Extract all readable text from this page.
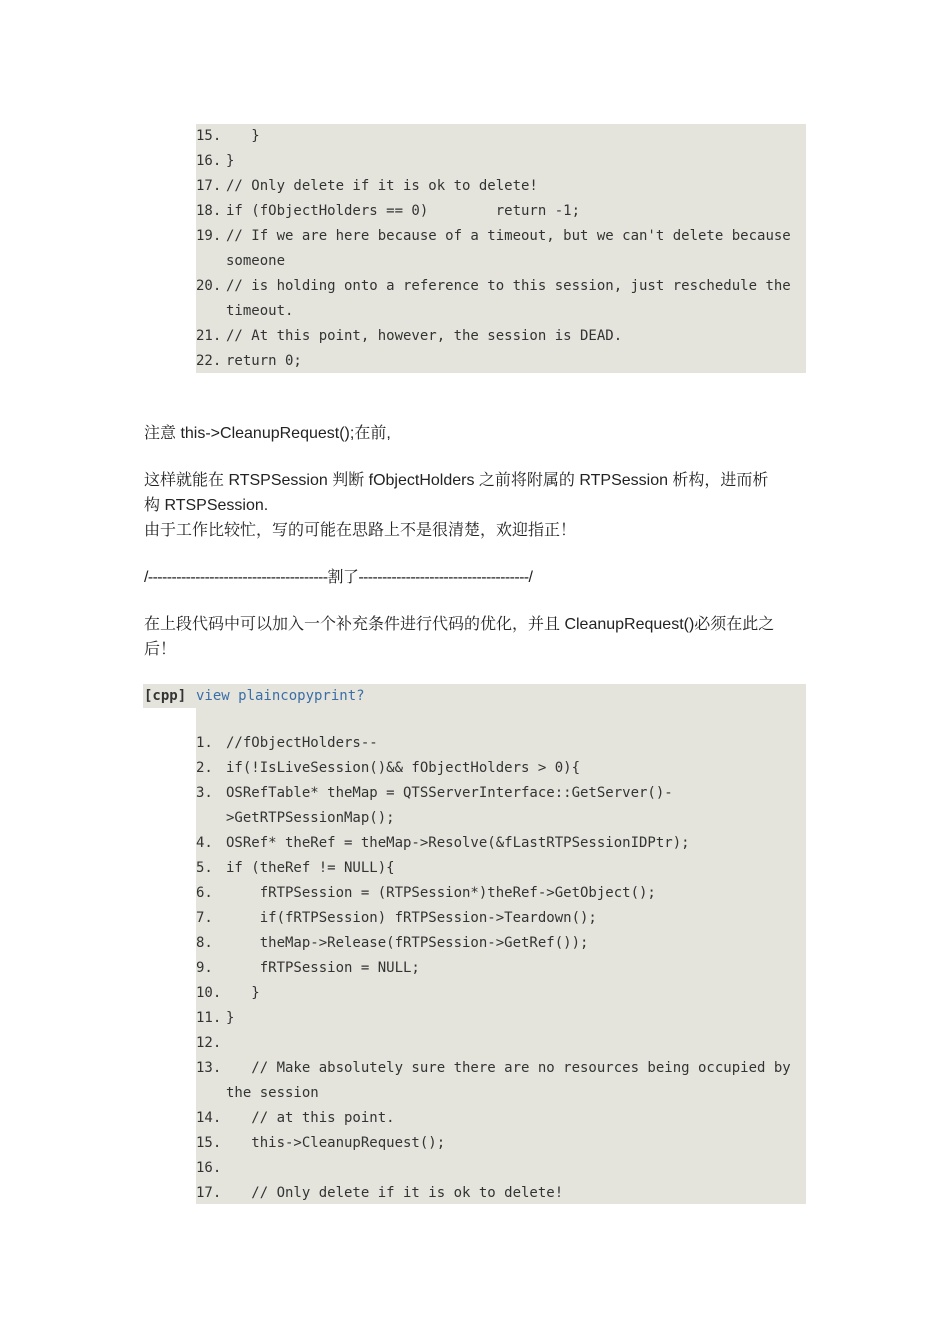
15. }
16. }
17. // Only delete if it is ok to delete!
18. if (fObjectHolders == 0)        return -1;
19. // If we are here because of a timeout, but we can't delete because
someone
20. // is holding onto a reference to this session, just reschedule the
timeout.
21. // At this point, however, the session is DEAD.
22. return 0;
注意 this->CleanupRequest();在前,
这样就能在 RTSPSession 判断 fObjectHolders 之前将附属的 RTPSession 析构，进而析
构 RTSPSession.
由于工作比较忙，写的可能在思路上不是很清楚，欢迎指正！
/--------------------------------------割了------------------------------------/
在上段代码中可以加入一个补充条件进行代码的优化，并且 CleanupRequest()必须在此之
后！
[cpp] view plaincopyprint?
1. //fObjectHolders--
2. if(!IsLiveSession()&& fObjectHolders > 0){
3. OSRefTable* theMap = QTSServerInterface::GetServer()-
>GetRTPSessionMap();
4. OSRef* theRef = theMap->Resolve(&fLastRTPSessionIDPtr);
5. if (theRef != NULL){
6. fRTPSession = (RTPSession*)theRef->GetObject();
7. if(fRTPSession) fRTPSession->Teardown();
8. theMap->Release(fRTPSession->GetRef());
9. fRTPSession = NULL;
10. }
11. }
12.
13. // Make absolutely sure there are no resources being occupied by
the session
14. // at this point.
15. this->CleanupRequest();
16.
17. // Only delete if it is ok to delete!
